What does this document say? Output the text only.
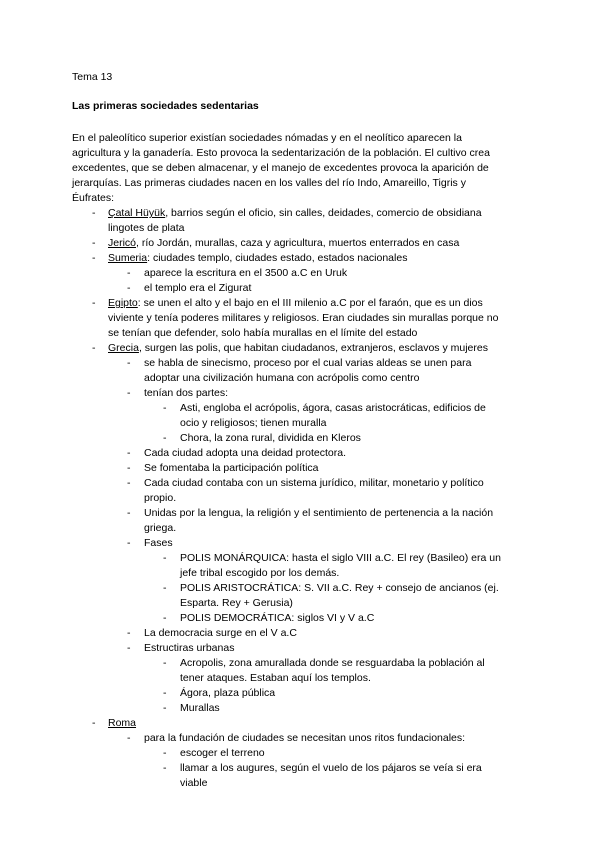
Tema 13
Las primeras sociedades sedentarias
En el paleolítico superior existían sociedades nómadas y en el neolítico aparecen la
agricultura y la ganadería. Esto provoca la sedentarización de la población. El cultivo crea
excedentes, que se deben almacenar, y el manejo de excedentes provoca la aparición de
jerarquías. Las primeras ciudades nacen en los valles del río Indo, Amareillo, Tigris y
Éufrates:
- Çatal Hüyük, barrios según el oficio, sin calles, deidades, comercio de obsidiana
lingotes de plata
- Jericó, río Jordán, murallas, caza y agricultura, muertos enterrados en casa
- Sumeria: ciudades templo, ciudades estado, estados nacionales
- aparece la escritura en el 3500 a.C en Uruk
- el templo era el Zigurat
- Egipto: se unen el alto y el bajo en el III milenio a.C por el faraón, que es un dios
viviente y tenía poderes militares y religiosos. Eran ciudades sin murallas porque no
se tenían que defender, solo había murallas en el límite del estado
- Grecia, surgen las polis, que habitan ciudadanos, extranjeros, esclavos y mujeres
- se habla de sinecismo, proceso por el cual varias aldeas se unen para
adoptar una civilización humana con acrópolis como centro
- tenían dos partes:
- Asti, engloba el acrópolis, ágora, casas aristocráticas, edificios de
ocio y religiosos; tienen muralla
- Chora, la zona rural, dividida en Kleros
- Cada ciudad adopta una deidad protectora.
- Se fomentaba la participación política
- Cada ciudad contaba con un sistema jurídico, militar, monetario y político
propio.
- Unidas por la lengua, la religión y el sentimiento de pertenencia a la nación
griega.
- Fases
- POLIS MONÁRQUICA: hasta el siglo VIII a.C. El rey (Basileo) era un
jefe tribal escogido por los demás.
- POLIS ARISTOCRÁTICA: S. VII a.C. Rey + consejo de ancianos (ej.
Esparta. Rey + Gerusia)
- POLIS DEMOCRÁTICA: siglos VI y V a.C
- La democracia surge en el V a.C
- Estructiras urbanas
- Acropolis, zona amurallada donde se resguardaba la población al
tener ataques. Estaban aquí los templos.
- Ágora, plaza pública
- Murallas
- Roma
- para la fundación de ciudades se necesitan unos ritos fundacionales:
- escoger el terreno
- llamar a los augures, según el vuelo de los pájaros se veía si era
viable
